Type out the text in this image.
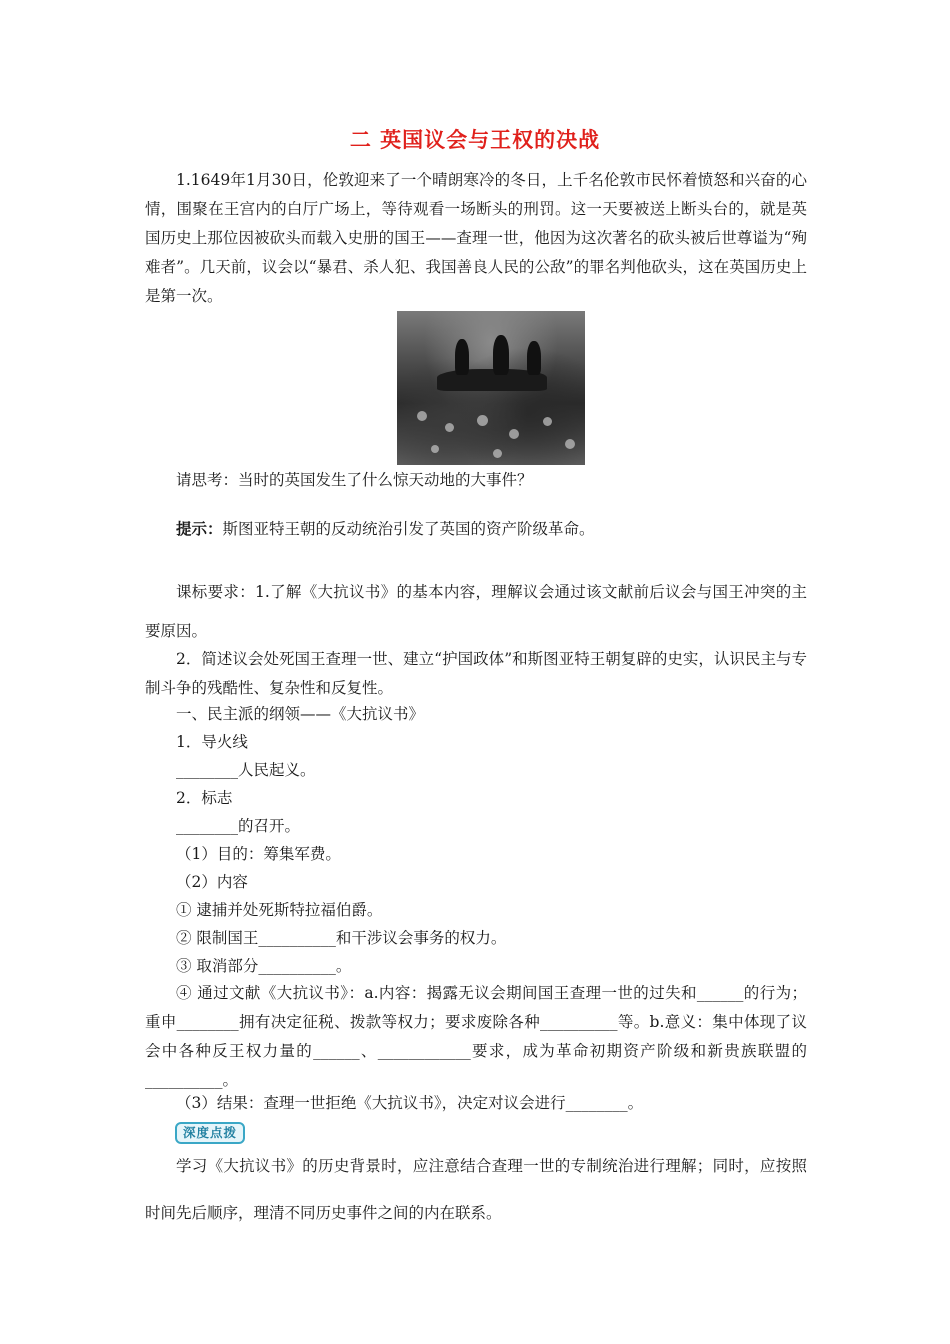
二 英国议会与王权的决战
1.1649年1月30日，伦敦迎来了一个晴朗寒冷的冬日，上千名伦敦市民怀着愤怒和兴奋的心情，围聚在王宫内的白厅广场上，等待观看一场断头的刑罚。这一天要被送上断头台的，就是英国历史上那位因被砍头而载入史册的国王——查理一世，他因为这次著名的砍头被后世尊谥为“殉难者”。几天前，议会以“暴君、杀人犯、我国善良人民的公敌”的罪名判他砍头，这在英国历史上是第一次。
请思考：当时的英国发生了什么惊天动地的大事件？
提示：斯图亚特王朝的反动统治引发了英国的资产阶级革命。
课标要求：1.了解《大抗议书》的基本内容，理解议会通过该文献前后议会与国王冲突的主要原因。
2．简述议会处死国王查理一世、建立“护国政体”和斯图亚特王朝复辟的史实，认识民主与专制斗争的残酷性、复杂性和反复性。
一、民主派的纲领——《大抗议书》
1．导火线
________人民起义。
2．标志
________的召开。
（1）目的：筹集军费。
（2）内容
① 逮捕并处死斯特拉福伯爵。
② 限制国王__________和干涉议会事务的权力。
③ 取消部分__________。
④ 通过文献《大抗议书》：a.内容：揭露无议会期间国王查理一世的过失和______的行为；重申________拥有决定征税、拨款等权力；要求废除各种__________等。b.意义：集中体现了议会中各种反王权力量的______、____________要求，成为革命初期资产阶级和新贵族联盟的__________。
（3）结果：查理一世拒绝《大抗议书》，决定对议会进行________。
深度点拨
学习《大抗议书》的历史背景时，应注意结合查理一世的专制统治进行理解；同时，应按照时间先后顺序，理清不同历史事件之间的内在联系。
